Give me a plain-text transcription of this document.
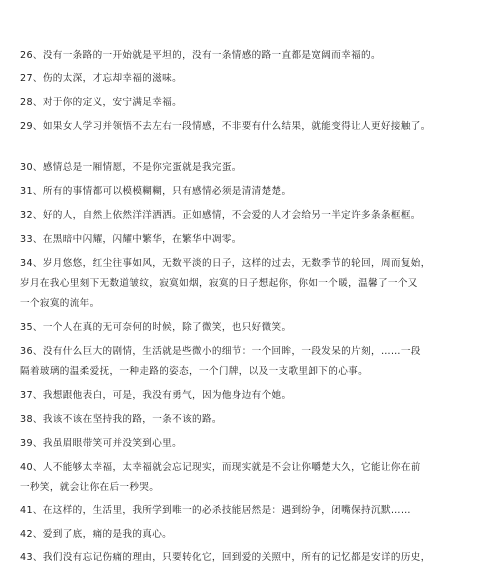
26、没有一条路的一开始就是平坦的，没有一条情感的路一直都是宽阔而幸福的。
27、伤的太深，才忘却幸福的滋味。
28、对于你的定义，安宁满足幸福。
29、如果女人学习并领悟不去左右一段情感，不非要有什么结果，就能变得让人更好接触了。
30、感情总是一厢情愿，不是你完蛋就是我完蛋。
31、所有的事情都可以模模糊糊，只有感情必须是清清楚楚。
32、好的人，自然上依然洋洋洒洒。正如感情，不会爱的人才会给另一半定许多条条框框。
33、在黑暗中闪耀，闪耀中繁华，在繁华中凋零。
34、岁月悠悠，红尘往事如风，无数平淡的日子，这样的过去，无数季节的轮回，周而复始，
岁月在我心里刻下无数道皱纹，寂寞如烟，寂寞的日子想起你，你如一个暖，温馨了一个又
一个寂寞的流年。
35、一个人在真的无可奈何的时候，除了微笑，也只好微笑。
36、没有什么巨大的剧情，生活就是些微小的细节：一个回眸，一段发呆的片刻，……一段
隔着玻璃的温柔爱抚，一种走路的姿态，一个门牌，以及一支歌里卸下的心事。
37、我想跟他表白，可是，我没有勇气，因为他身边有个她。
38、我该不该在坚持我的路，一条不该的路。
39、我虽眉眼带笑可并没笑到心里。
40、人不能够太幸福，太幸福就会忘记现实，而现实就是不会让你嚼楚大久，它能让你在前
一秒笑，就会让你在后一秒哭。
41、在这样的，生活里，我所学到唯一的必杀技能居然是：遇到纷争，闭嘴保持沉默……
42、爱到了底，痛的是我的真心。
43、我们没有忘记伤痛的理由，只要转化它，回到爱的关照中，所有的记忆都是安详的历史，
